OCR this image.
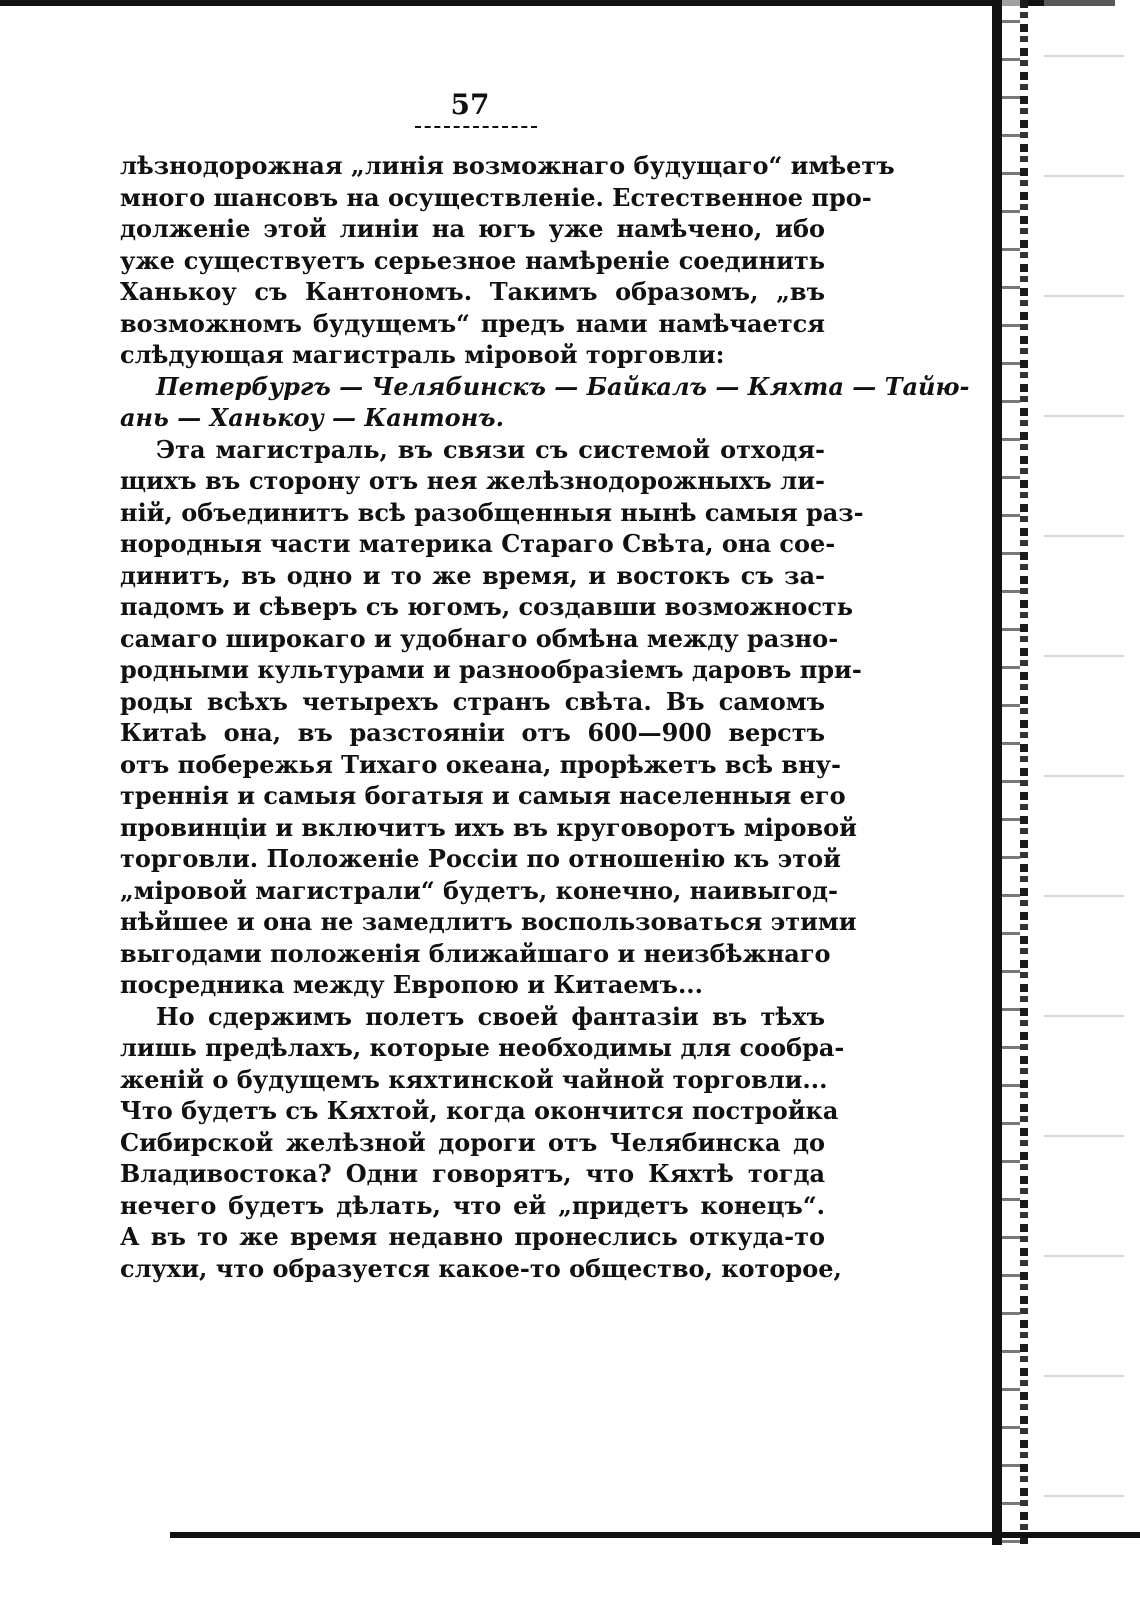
57
лѣзнодорожная „линія возможнаго будущаго“ имѣетъ
много шансовъ на осуществленіе. Естественное про-
долженіе этой линіи на югъ уже намѣчено, ибо
уже существуетъ серьезное намѣреніе соединить
Ханькоу съ Кантономъ. Такимъ образомъ, „въ
возможномъ будущемъ“ предъ нами намѣчается
слѣдующая магистраль міровой торговли:
Петербургъ — Челябинскъ — Байкалъ — Кяхта — Тайю-
ань — Ханькоу — Кантонъ.
Эта магистраль, въ связи съ системой отходя-
щихъ въ сторону отъ нея желѣзнодорожныхъ ли-
ній, объединитъ всѣ разобщенныя нынѣ самыя раз-
нородныя части материка Стараго Свѣта, она сое-
динитъ, въ одно и то же время, и востокъ съ за-
падомъ и сѣверъ съ югомъ, создавши возможность
самаго широкаго и удобнаго обмѣна между разно-
родными культурами и разнообразіемъ даровъ при-
роды всѣхъ четырехъ странъ свѣта. Въ самомъ
Китаѣ она, въ разстояніи отъ 600—900 верстъ
отъ побережья Тихаго океана, прорѣжетъ всѣ вну-
треннія и самыя богатыя и самыя населенныя его
провинціи и включитъ ихъ въ круговоротъ міровой
торговли. Положеніе Россіи по отношенію къ этой
„міровой магистрали“ будетъ, конечно, наивыгод-
нѣйшее и она не замедлитъ воспользоваться этими
выгодами положенія ближайшаго и неизбѣжнаго
посредника между Европою и Китаемъ...
Но сдержимъ полетъ своей фантазіи въ тѣхъ
лишь предѣлахъ, которые необходимы для сообра-
женій о будущемъ кяхтинской чайной торговли...
Что будетъ съ Кяхтой, когда окончится постройка
Сибирской желѣзной дороги отъ Челябинска до
Владивостока? Одни говорятъ, что Кяхтѣ тогда
нечего будетъ дѣлать, что ей „придетъ конецъ“.
А въ то же время недавно пронеслись откуда-то
слухи, что образуется какое-то общество, которое,
